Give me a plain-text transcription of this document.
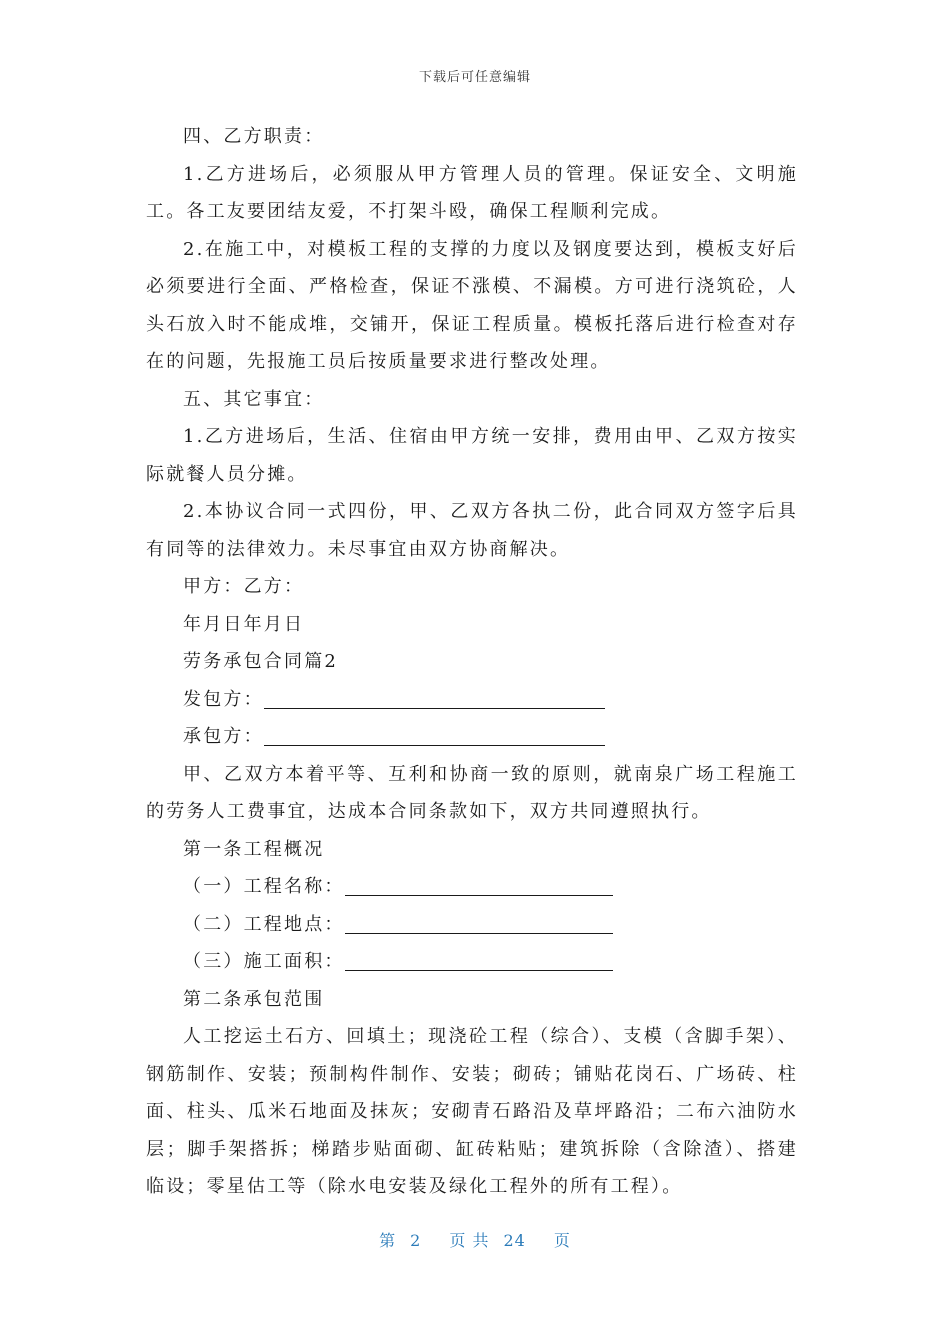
下载后可任意编辑

四、乙方职责：

1.乙方进场后，必须服从甲方管理人员的管理。保证安全、文明施工。各工友要团结友爱，不打架斗殴，确保工程顺利完成。

2.在施工中，对模板工程的支撑的力度以及钢度要达到，模板支好后必须要进行全面、严格检查，保证不涨模、不漏模。方可进行浇筑砼，人头石放入时不能成堆，交铺开，保证工程质量。模板托落后进行检查对存在的问题，先报施工员后按质量要求进行整改处理。

五、其它事宜：

1.乙方进场后，生活、住宿由甲方统一安排，费用由甲、乙双方按实际就餐人员分摊。

2.本协议合同一式四份，甲、乙双方各执二份，此合同双方签字后具有同等的法律效力。未尽事宜由双方协商解决。

甲方：乙方：

年月日年月日

劳务承包合同篇2

发包方：

承包方：

甲、乙双方本着平等、互利和协商一致的原则，就南泉广场工程施工的劳务人工费事宜，达成本合同条款如下，双方共同遵照执行。

第一条工程概况

（一）工程名称：

（二）工程地点：

（三）施工面积：

第二条承包范围

人工挖运土石方、回填土；现浇砼工程（综合）、支模（含脚手架）、钢筋制作、安装；预制构件制作、安装；砌砖；铺贴花岗石、广场砖、柱面、柱头、瓜米石地面及抹灰；安砌青石路沿及草坪路沿；二布六油防水层；脚手架搭拆；梯踏步贴面砌、缸砖粘贴；建筑拆除（含除渣）、搭建临设；零星估工等（除水电安装及绿化工程外的所有工程）。

第 2 页 共 24 页
